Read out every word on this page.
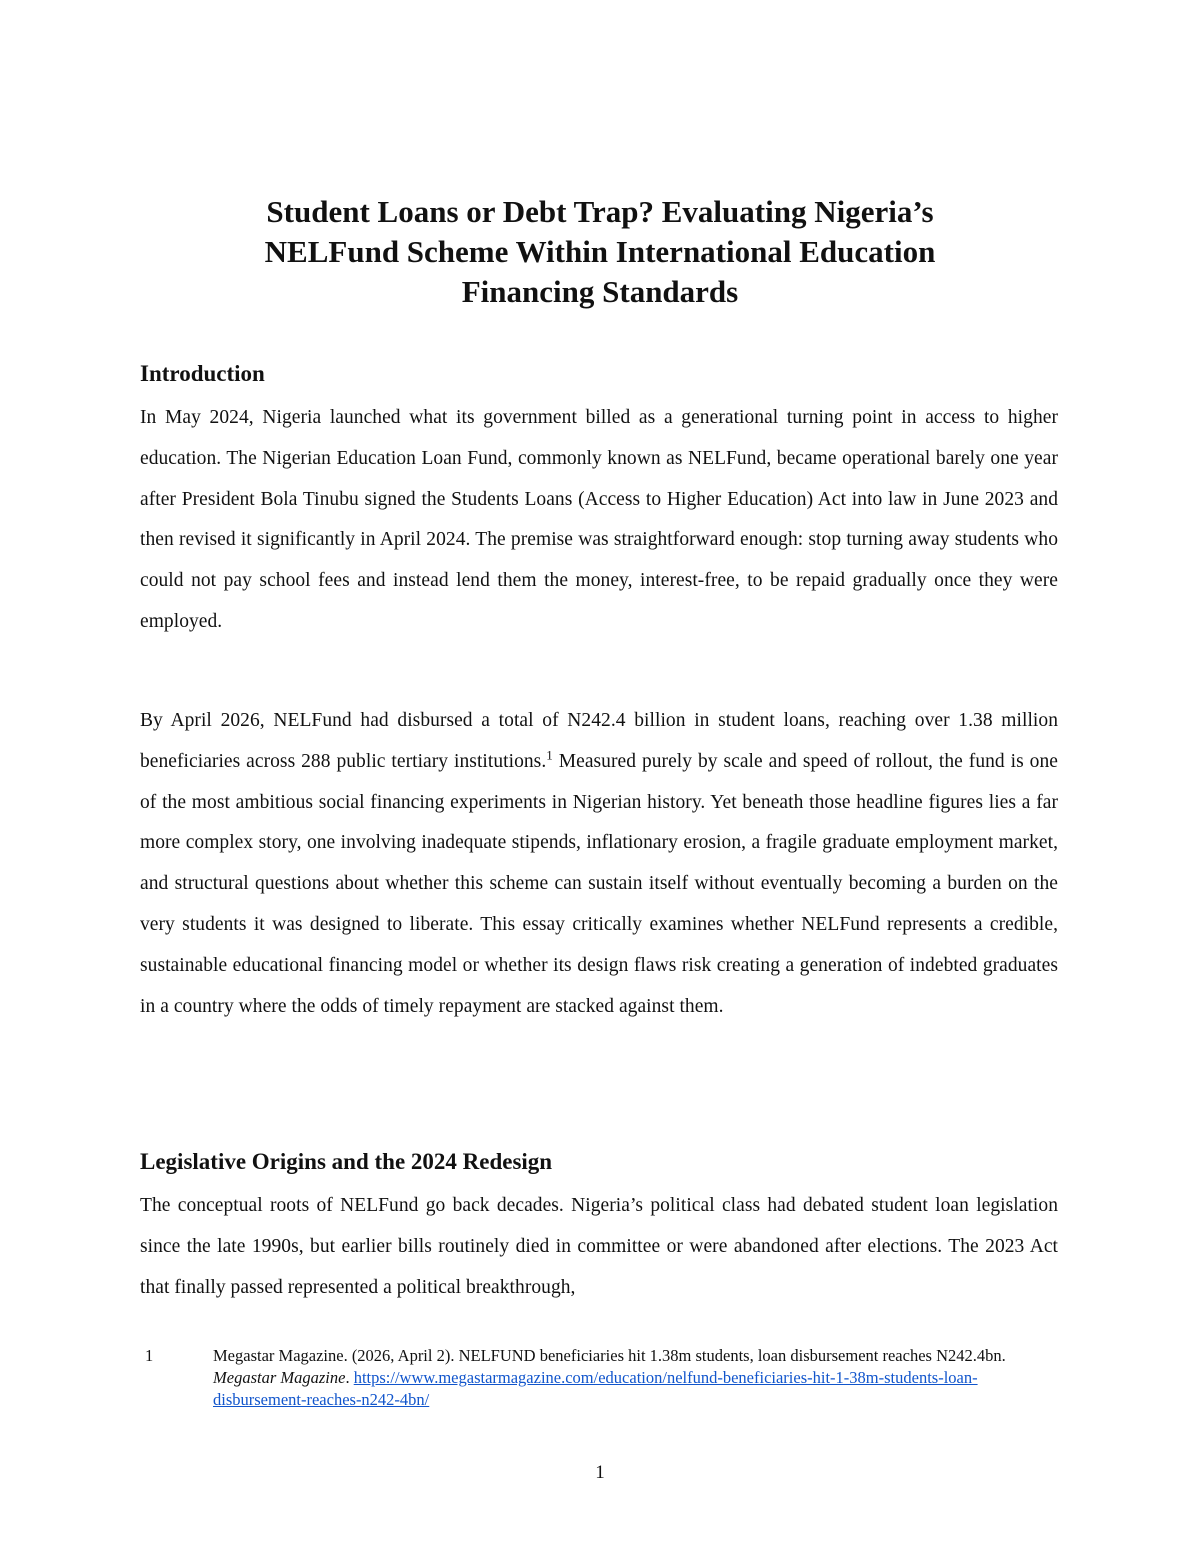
Student Loans or Debt Trap? Evaluating Nigeria’s
NELFund Scheme Within International Education
Financing Standards
Introduction

In May 2024, Nigeria launched what its government billed as a generational turning point in access to higher education. The Nigerian Education Loan Fund, commonly known as NELFund, became operational barely one year after President Bola Tinubu signed the Students Loans (Access to Higher Education) Act into law in June 2023 and then revised it significantly in April 2024. The premise was straightforward enough: stop turning away students who could not pay school fees and instead lend them the money, interest-free, to be repaid gradually once they were employed.

By April 2026, NELFund had disbursed a total of N242.4 billion in student loans, reaching over 1.38 million beneficiaries across 288 public tertiary institutions.$^1$ Measured purely by scale and speed of rollout, the fund is one of the most ambitious social financing experiments in Nigerian history. Yet beneath those headline figures lies a far more complex story, one involving inadequate stipends, inflationary erosion, a fragile graduate employment market, and structural questions about whether this scheme can sustain itself without eventually becoming a burden on the very students it was designed to liberate. This essay critically examines whether NELFund represents a credible, sustainable educational financing model or whether its design flaws risk creating a generation of indebted graduates in a country where the odds of timely repayment are stacked against them.

Legislative Origins and the 2024 Redesign

The conceptual roots of NELFund go back decades. Nigeria’s political class had debated student loan legislation since the late 1990s, but earlier bills routinely died in committee or were abandoned after elections. The 2023 Act that finally passed represented a political breakthrough,

1	Megastar Magazine. (2026, April 2). NELFUND beneficiaries hit 1.38m students, loan disbursement reaches N242.4bn. Megastar Magazine. https://www.megastarmagazine.com/education/nelfund-beneficiaries-hit-1-38m-students-loan-disbursement-reaches-n242-4bn/
1
